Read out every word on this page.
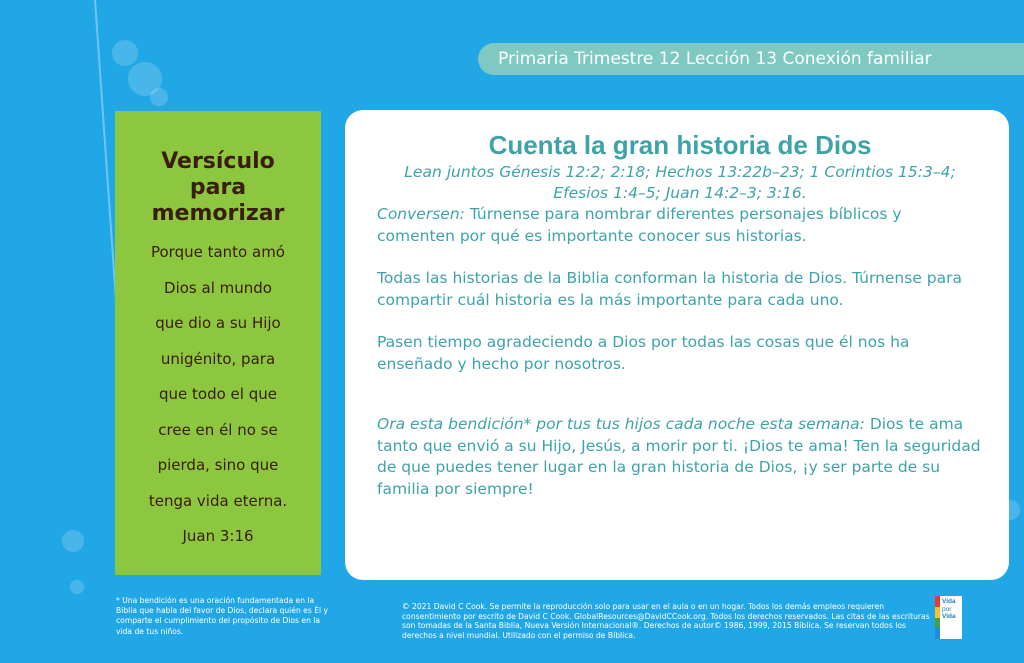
Primaria Trimestre 12 Lección 13 Conexión familiar
Versículo
para
memorizar
Porque tanto amó
Dios al mundo
que dio a su Hijo
unigénito, para
que todo el que
cree en él no se
pierda, sino que
tenga vida eterna.
Juan 3:16
Cuenta la gran historia de Dios

Lean juntos Génesis 12:2; 2:18; Hechos 13:22b–23; 1 Corintios 15:3–4;
Efesios 1:4–5; Juan 14:2–3; 3:16.

Conversen: Túrnense para nombrar diferentes personajes bíblicos y comenten por qué es importante conocer sus historias.

Todas las historias de la Biblia conforman la historia de Dios. Túrnense para compartir cuál historia es la más importante para cada uno.

Pasen tiempo agradeciendo a Dios por todas las cosas que él nos ha enseñado y hecho por nosotros.

Ora esta bendición* por tus tus hijos cada noche esta semana: Dios te ama tanto que envió a su Hijo, Jesús, a morir por ti. ¡Dios te ama! Ten la seguridad de que puedes tener lugar en la gran historia de Dios, ¡y ser parte de su familia por siempre!

* Una bendición es una oración fundamentada en la Biblia que habla del favor de Dios, declara quién es Él y comparte el cumplimiento del propósito de Dios en la vida de tus niños.
© 2021 David C Cook. Se permite la reproducción solo para usar en el aula o en un hogar. Todos los demás empleos requieren consentimiento por escrito de David C Cook. GlobalResources@DavidCCook.org. Todos los derechos reservados. Las citas de las escrituras son tomadas de la Santa Biblia, Nueva Versión Internacional®. Derechos de autor© 1986, 1999, 2015 Bíblica. Se reservan todos los derechos a nivel mundial. Utilizado con el permiso de Bíblica.
Vida
por
Vida
